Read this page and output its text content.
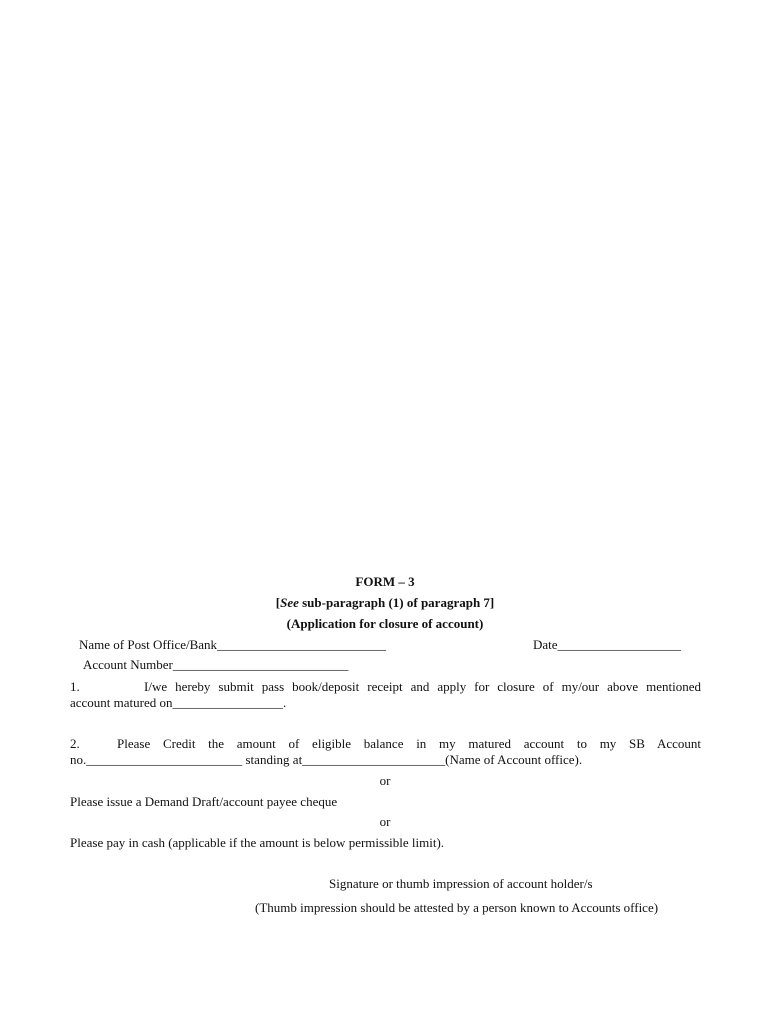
FORM – 3
[See sub-paragraph (1) of paragraph 7]
(Application for closure of account)
Name of Post Office/Bank__________________________	Date___________________
Account Number___________________________
1.	I/we hereby submit pass book/deposit receipt and apply for closure of my/our above mentioned
account matured on_________________.
2.	Please Credit the amount of eligible balance in my matured account to my SB Account
no.________________________ standing at______________________(Name of Account office).
or
Please issue a Demand Draft/account payee cheque
or
Please pay in cash (applicable if the amount is below permissible limit).
Signature or thumb impression of account holder/s
(Thumb impression should be attested by a person known to Accounts office)
